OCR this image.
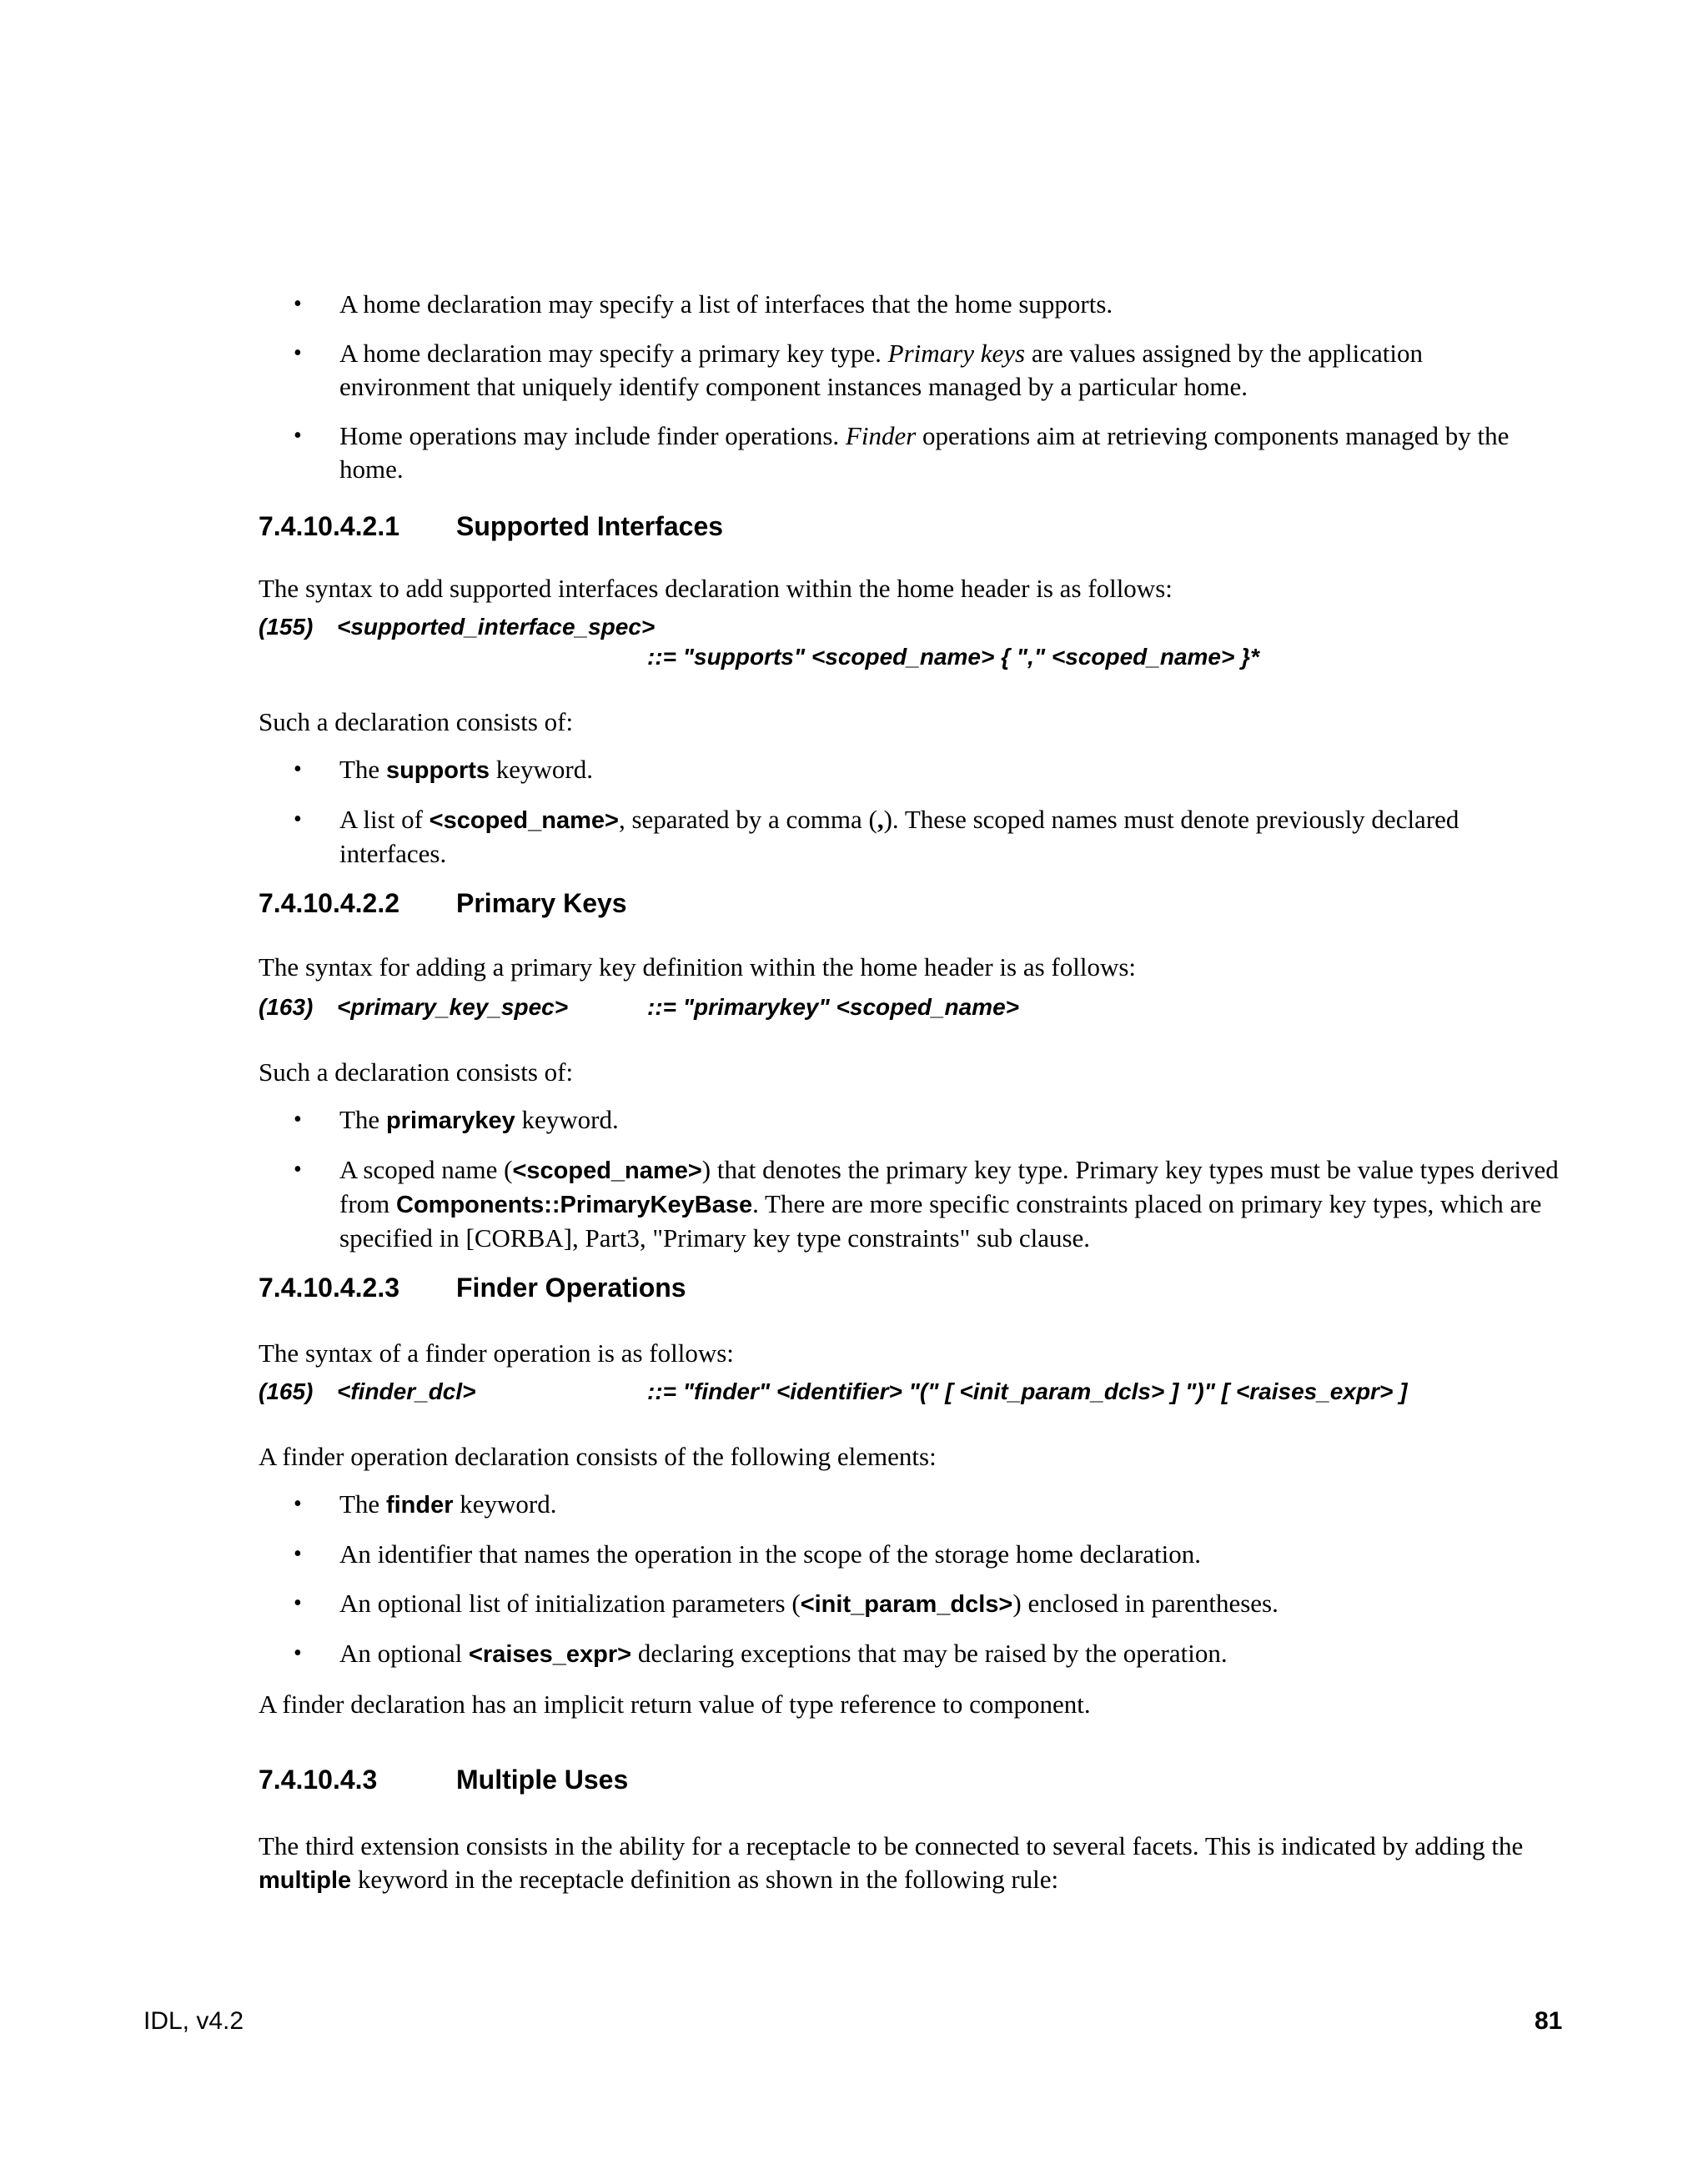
• A home declaration may specify a list of interfaces that the home supports.
• A home declaration may specify a primary key type. Primary keys are values assigned by the application environment that uniquely identify component instances managed by a particular home.
• Home operations may include finder operations. Finder operations aim at retrieving components managed by the home.
7.4.10.4.2.1	Supported Interfaces

The syntax to add supported interfaces declaration within the home header is as follows:

(155)	<supported_interface_spec>
::= "supports" <scoped_name> { "," <scoped_name> }*

Such a declaration consists of:

• The supports keyword.
• A list of <scoped_name>, separated by a comma (,). These scoped names must denote previously declared interfaces.
7.4.10.4.2.2	Primary Keys

The syntax for adding a primary key definition within the home header is as follows:

(163)	<primary_key_spec>	::= "primarykey" <scoped_name>

Such a declaration consists of:

• The primarykey keyword.
• A scoped name (<scoped_name>) that denotes the primary key type. Primary key types must be value types derived from Components::PrimaryKeyBase. There are more specific constraints placed on primary key types, which are specified in [CORBA], Part3, "Primary key type constraints" sub clause.
7.4.10.4.2.3	Finder Operations

The syntax of a finder operation is as follows:

(165)	<finder_dcl>	::= "finder" <identifier> "(" [ <init_param_dcls> ] ")" [ <raises_expr> ]

A finder operation declaration consists of the following elements:

• The finder keyword.
• An identifier that names the operation in the scope of the storage home declaration.
• An optional list of initialization parameters (<init_param_dcls>) enclosed in parentheses.
• An optional <raises_expr> declaring exceptions that may be raised by the operation.

A finder declaration has an implicit return value of type reference to component.

7.4.10.4.3	Multiple Uses

The third extension consists in the ability for a receptacle to be connected to several facets. This is indicated by adding the multiple keyword in the receptacle definition as shown in the following rule:

IDL, v4.2	81
